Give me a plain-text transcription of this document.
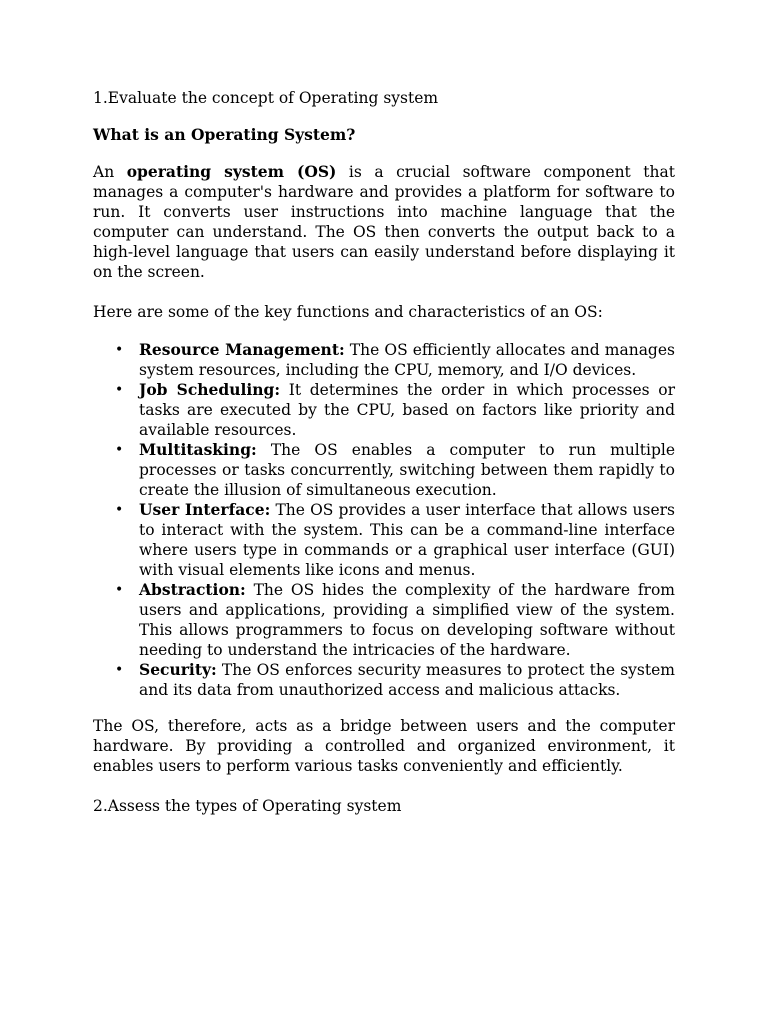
1.Evaluate the concept of Operating system

What is an Operating System?

An operating system (OS) is a crucial software component that manages a computer's hardware and provides a platform for software to run. It converts user instructions into machine language that the computer can understand. The OS then converts the output back to a high-level language that users can easily understand before displaying it on the screen.

Here are some of the key functions and characteristics of an OS:

• Resource Management: The OS efficiently allocates and manages system resources, including the CPU, memory, and I/O devices.
• Job Scheduling: It determines the order in which processes or tasks are executed by the CPU, based on factors like priority and available resources.
• Multitasking: The OS enables a computer to run multiple processes or tasks concurrently, switching between them rapidly to create the illusion of simultaneous execution.
• User Interface: The OS provides a user interface that allows users to interact with the system. This can be a command-line interface where users type in commands or a graphical user interface (GUI) with visual elements like icons and menus.
• Abstraction: The OS hides the complexity of the hardware from users and applications, providing a simplified view of the system. This allows programmers to focus on developing software without needing to understand the intricacies of the hardware.
• Security: The OS enforces security measures to protect the system and its data from unauthorized access and malicious attacks.

The OS, therefore, acts as a bridge between users and the computer hardware. By providing a controlled and organized environment, it enables users to perform various tasks conveniently and efficiently.

2.Assess the types of Operating system
